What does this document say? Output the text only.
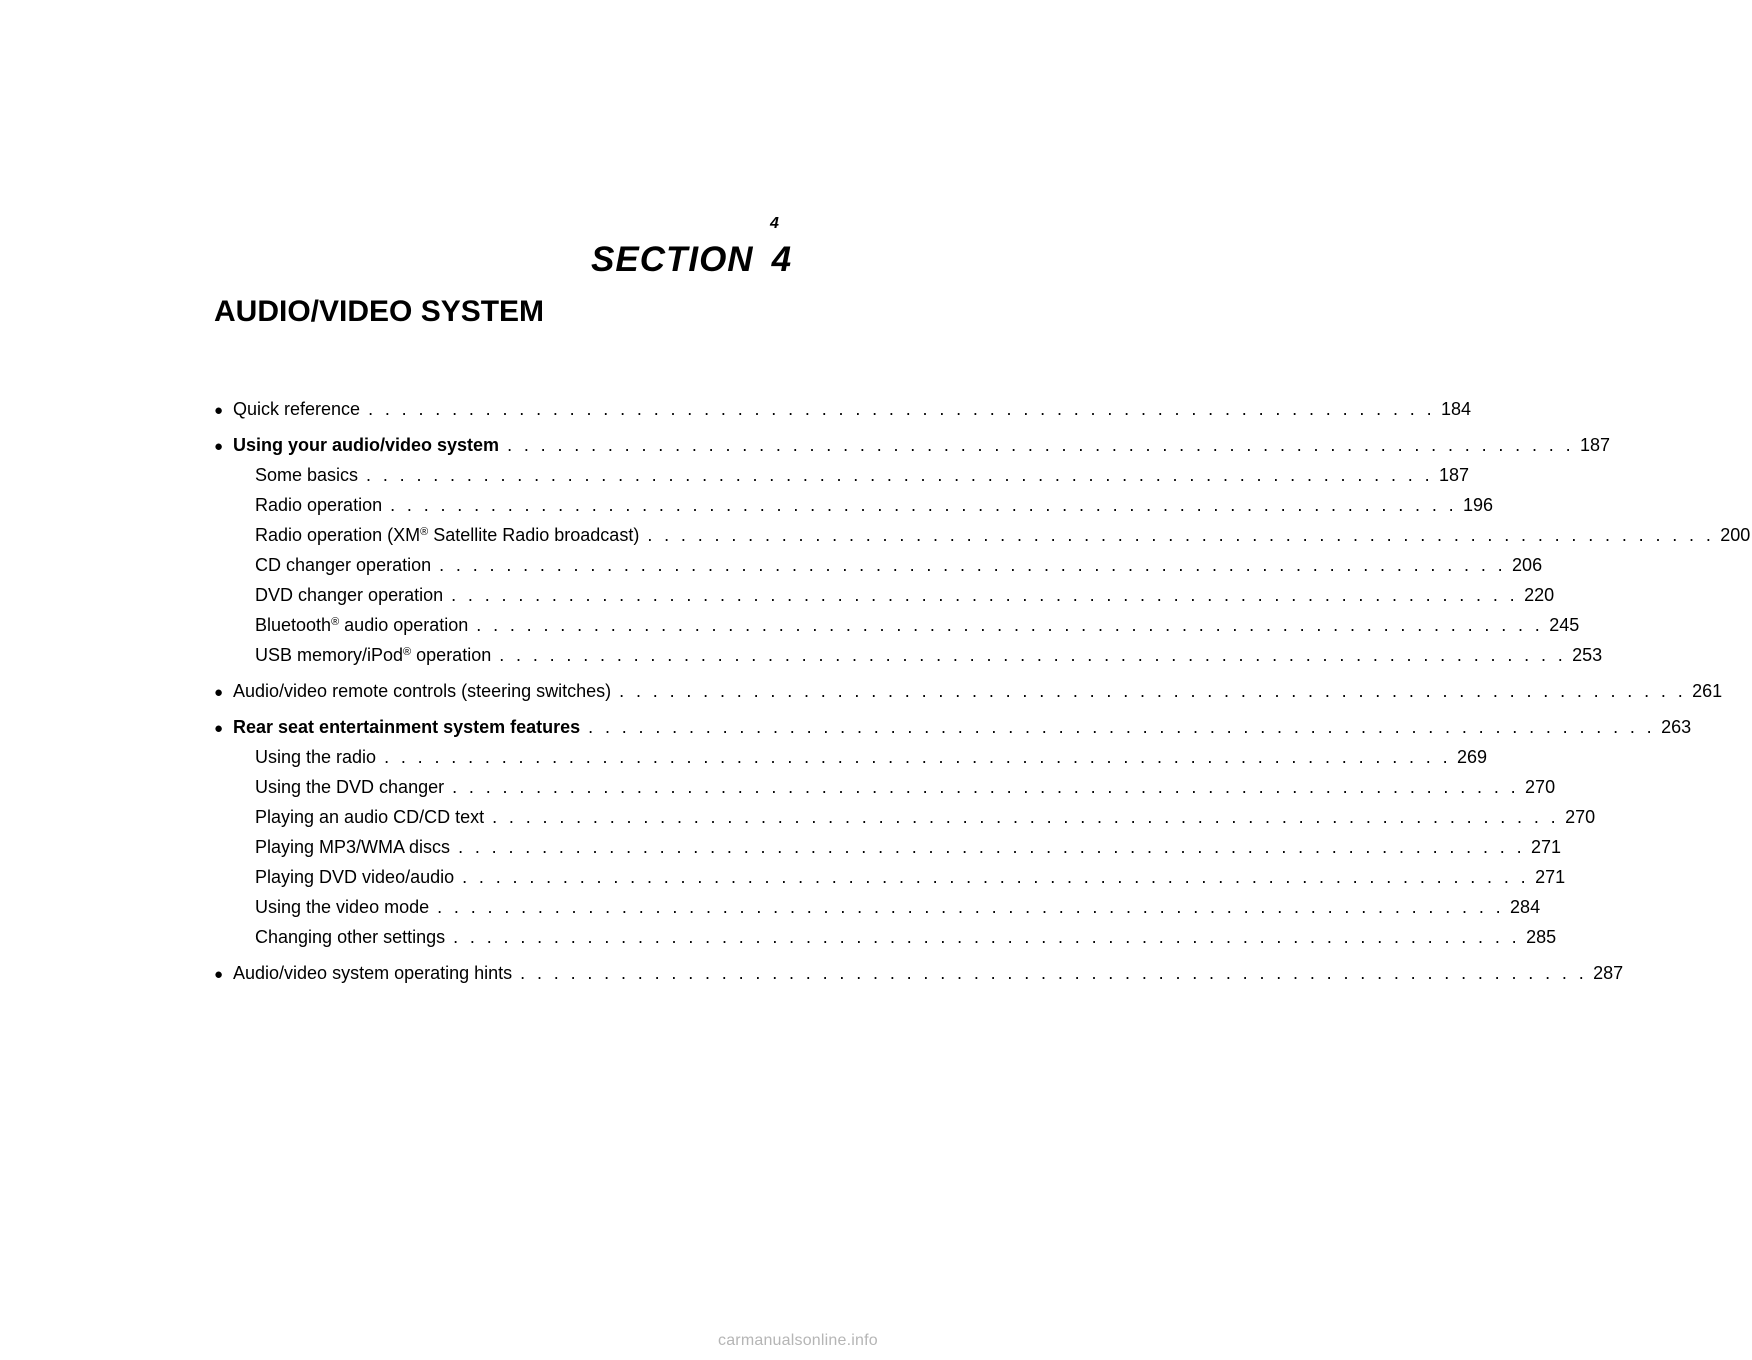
4
SECTION 4
AUDIO/VIDEO SYSTEM
● Quick reference . . . . . . . . . . . . . . . . . . . . . . . . . . . . . . . . . . . . . . . . . . . . . . . . . . . . . . . . . . . . . . . . 184
● Using your audio/video system . . . . . . . . . . . . . . . . . . . . . . . . . . . . . . . . . . . . . . . . . . . . . . . . . . . . . . . . . . . . . . . . 187
Some basics . . . . . . . . . . . . . . . . . . . . . . . . . . . . . . . . . . . . . . . . . . . . . . . . . . . . . . . . . . . . . . . . 187
Radio operation . . . . . . . . . . . . . . . . . . . . . . . . . . . . . . . . . . . . . . . . . . . . . . . . . . . . . . . . . . . . . . . . 196
Radio operation (XM® Satellite Radio broadcast) . . . . . . . . . . . . . . . . . . . . . . . . . . . . . . . . . . . . . . . . . . . . . . . . . . . . . . . . . . . . . . . . 200
CD changer operation . . . . . . . . . . . . . . . . . . . . . . . . . . . . . . . . . . . . . . . . . . . . . . . . . . . . . . . . . . . . . . . . 206
DVD changer operation . . . . . . . . . . . . . . . . . . . . . . . . . . . . . . . . . . . . . . . . . . . . . . . . . . . . . . . . . . . . . . . . 220
Bluetooth® audio operation . . . . . . . . . . . . . . . . . . . . . . . . . . . . . . . . . . . . . . . . . . . . . . . . . . . . . . . . . . . . . . . . 245
USB memory/iPod® operation . . . . . . . . . . . . . . . . . . . . . . . . . . . . . . . . . . . . . . . . . . . . . . . . . . . . . . . . . . . . . . . . 253
● Audio/video remote controls (steering switches) . . . . . . . . . . . . . . . . . . . . . . . . . . . . . . . . . . . . . . . . . . . . . . . . . . . . . . . . . . . . . . . . 261
● Rear seat entertainment system features . . . . . . . . . . . . . . . . . . . . . . . . . . . . . . . . . . . . . . . . . . . . . . . . . . . . . . . . . . . . . . . . 263
Using the radio . . . . . . . . . . . . . . . . . . . . . . . . . . . . . . . . . . . . . . . . . . . . . . . . . . . . . . . . . . . . . . . . 269
Using the DVD changer . . . . . . . . . . . . . . . . . . . . . . . . . . . . . . . . . . . . . . . . . . . . . . . . . . . . . . . . . . . . . . . . 270
Playing an audio CD/CD text . . . . . . . . . . . . . . . . . . . . . . . . . . . . . . . . . . . . . . . . . . . . . . . . . . . . . . . . . . . . . . . . 270
Playing MP3/WMA discs . . . . . . . . . . . . . . . . . . . . . . . . . . . . . . . . . . . . . . . . . . . . . . . . . . . . . . . . . . . . . . . . 271
Playing DVD video/audio . . . . . . . . . . . . . . . . . . . . . . . . . . . . . . . . . . . . . . . . . . . . . . . . . . . . . . . . . . . . . . . . 271
Using the video mode . . . . . . . . . . . . . . . . . . . . . . . . . . . . . . . . . . . . . . . . . . . . . . . . . . . . . . . . . . . . . . . . 284
Changing other settings . . . . . . . . . . . . . . . . . . . . . . . . . . . . . . . . . . . . . . . . . . . . . . . . . . . . . . . . . . . . . . . . 285
● Audio/video system operating hints . . . . . . . . . . . . . . . . . . . . . . . . . . . . . . . . . . . . . . . . . . . . . . . . . . . . . . . . . . . . . . . . 287
carmanualsonline.info
